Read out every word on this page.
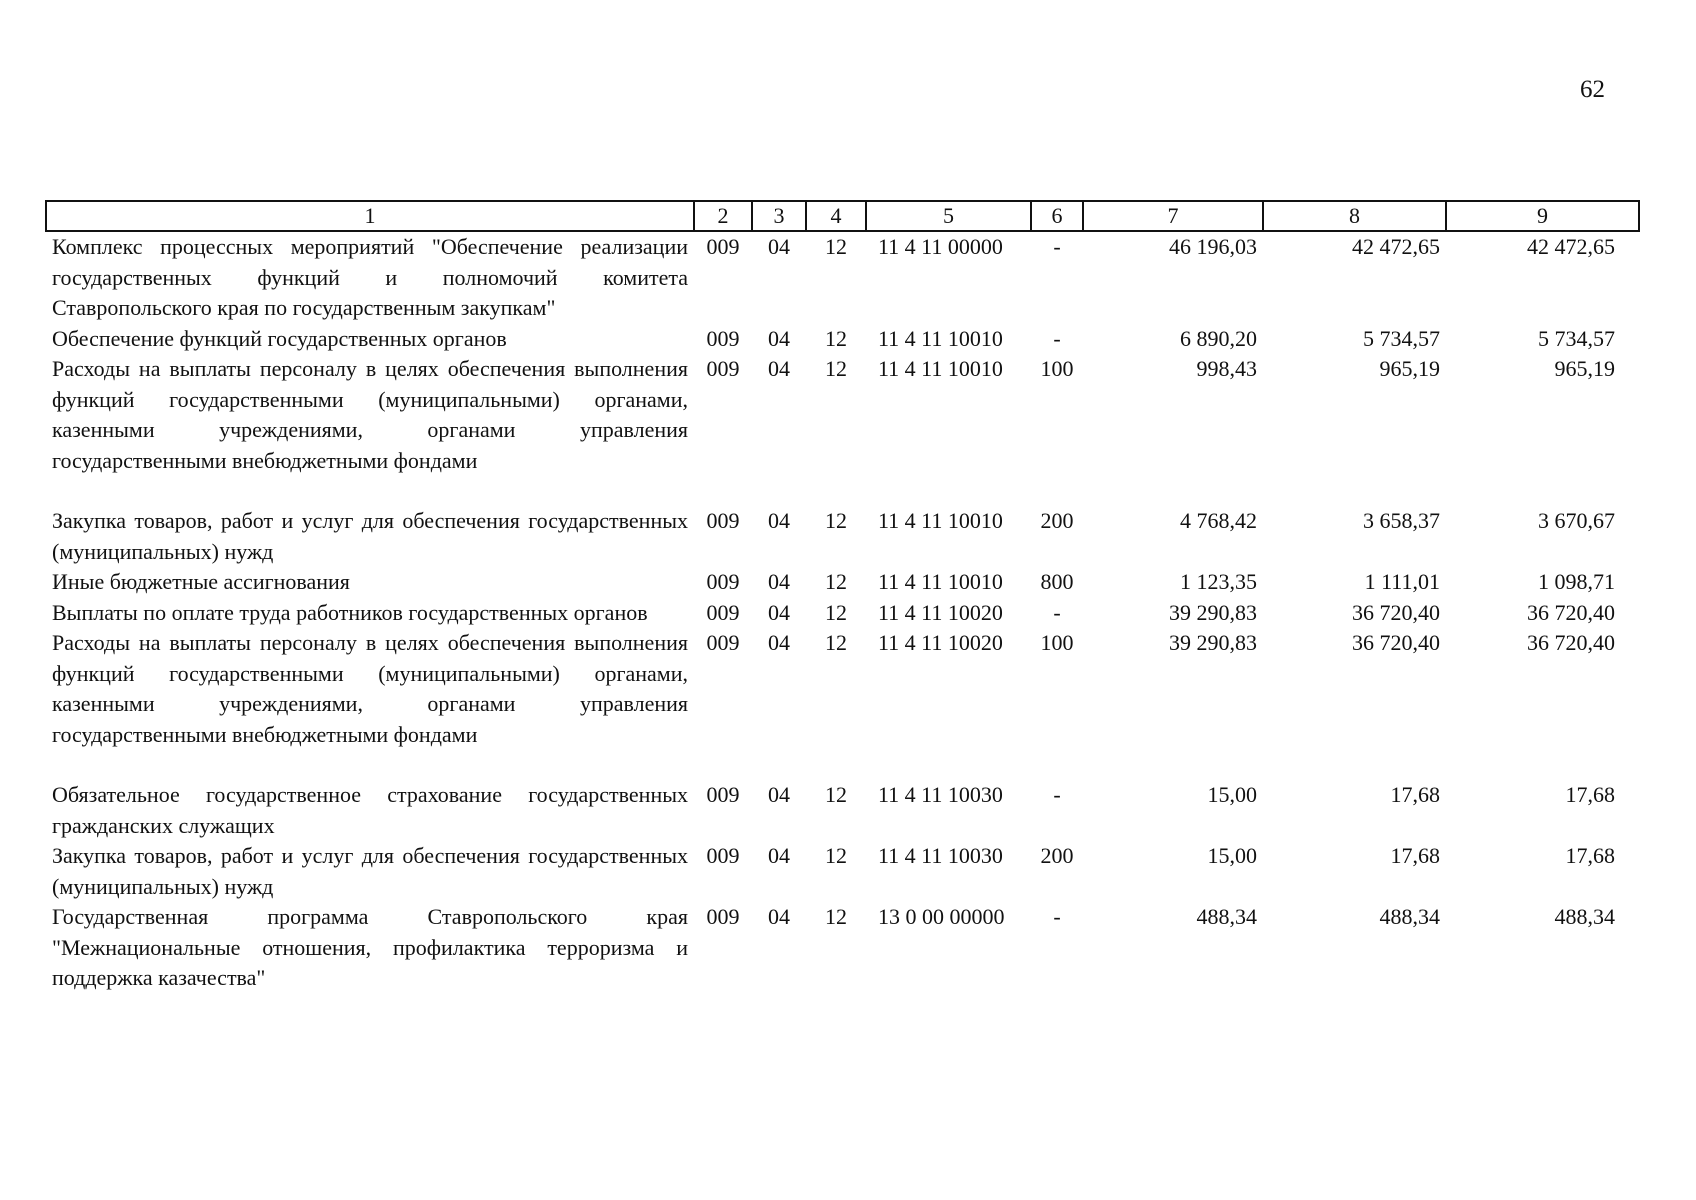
62
1	2	3	4	5	6	7	8	9
Комплекс процессных мероприятий "Обеспечение реализации государственных функций и полномочий комитета Ставропольского края по государственным закупкам"	009	04	12	11 4 11 00000	-	46 196,03	42 472,65	42 472,65
Обеспечение функций государственных органов	009	04	12	11 4 11 10010	-	6 890,20	5 734,57	5 734,57
Расходы на выплаты персоналу в целях обеспечения выполнения функций государственными (муниципальными) органами, казенными учреждениями, органами управления государственными внебюджетными фондами	009	04	12	11 4 11 10010	100	998,43	965,19	965,19
Закупка товаров, работ и услуг для обеспечения государственных (муниципальных) нужд	009	04	12	11 4 11 10010	200	4 768,42	3 658,37	3 670,67
Иные бюджетные ассигнования	009	04	12	11 4 11 10010	800	1 123,35	1 111,01	1 098,71
Выплаты по оплате труда работников государственных органов	009	04	12	11 4 11 10020	-	39 290,83	36 720,40	36 720,40
Расходы на выплаты персоналу в целях обеспечения выполнения функций государственными (муниципальными) органами, казенными учреждениями, органами управления государственными внебюджетными фондами	009	04	12	11 4 11 10020	100	39 290,83	36 720,40	36 720,40
Обязательное государственное страхование государственных гражданских служащих	009	04	12	11 4 11 10030	-	15,00	17,68	17,68
Закупка товаров, работ и услуг для обеспечения государственных (муниципальных) нужд	009	04	12	11 4 11 10030	200	15,00	17,68	17,68
Государственная программа Ставропольского края "Межнациональные отношения, профилактика терроризма и поддержка казачества"	009	04	12	13 0 00 00000	-	488,34	488,34	488,34
